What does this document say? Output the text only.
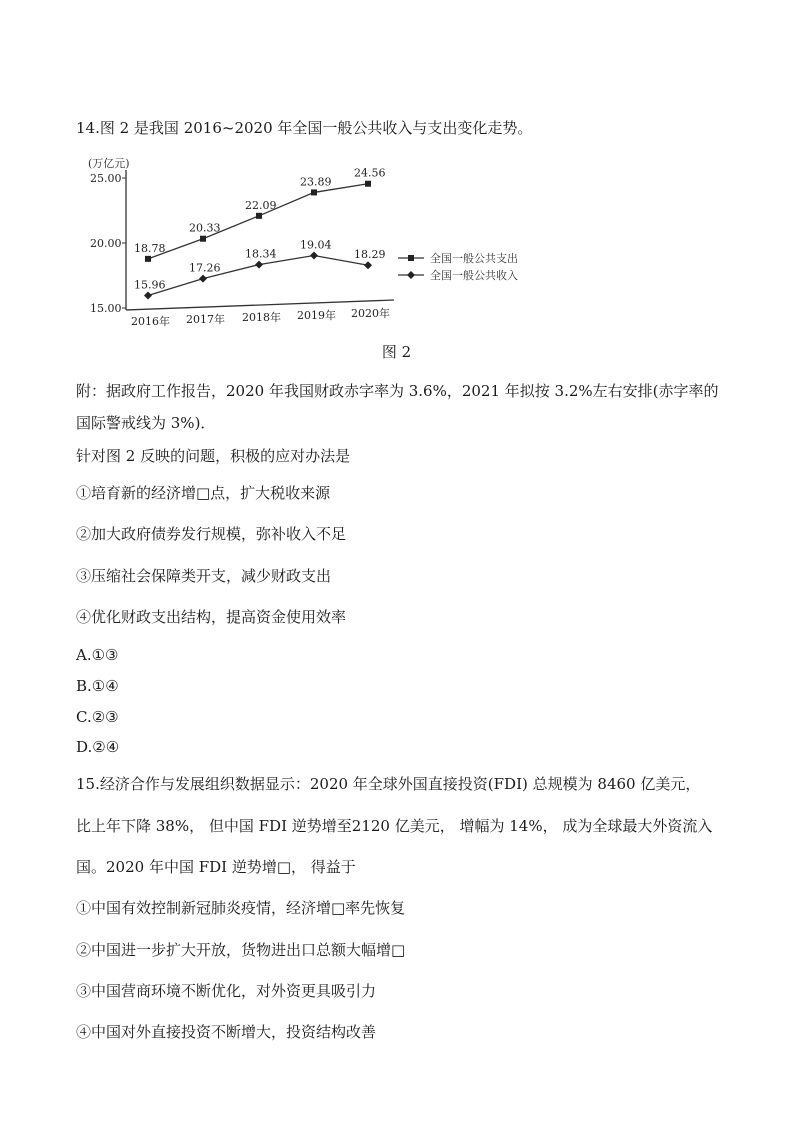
14.图 2 是我国 2016~2020 年全国一般公共收入与支出变化走势。
(万亿元)
25.00
20.00
15.00
2016年 2017年 2018年 2019年 2020年
18.78
20.33
22.09
23.89
24.56
15.96
17.26
18.34
19.04
18.29	全国一般公共支出
全国一般公共收入
图 2
附：据政府工作报告，2020 年我国财政赤字率为 3.6%，2021 年拟按 3.2%左右安排(赤字率的
国际警戒线为 3%)．
针对图 2 反映的问题，积极的应对办法是
①培育新的经济增□点，扩大税收来源
②加大政府债券发行规模，弥补收入不足
③压缩社会保障类开支，减少财政支出
④优化财政支出结构，提高资金使用效率
A.①③
B.①④
C.②③
D.②④
15.经济合作与发展组织数据显示：2020 年全球外国直接投资(FDI) 总规模为 8460 亿美元，
比上年下降 38%， 但中国 FDI 逆势增至2120 亿美元， 增幅为 14%， 成为全球最大外资流入
国。2020 年中国 FDI 逆势增□， 得益于
①中国有效控制新冠肺炎疫情，经济增□率先恢复
②中国进一步扩大开放，货物进出口总额大幅增□
③中国营商环境不断优化，对外资更具吸引力
④中国对外直接投资不断增大，投资结构改善
